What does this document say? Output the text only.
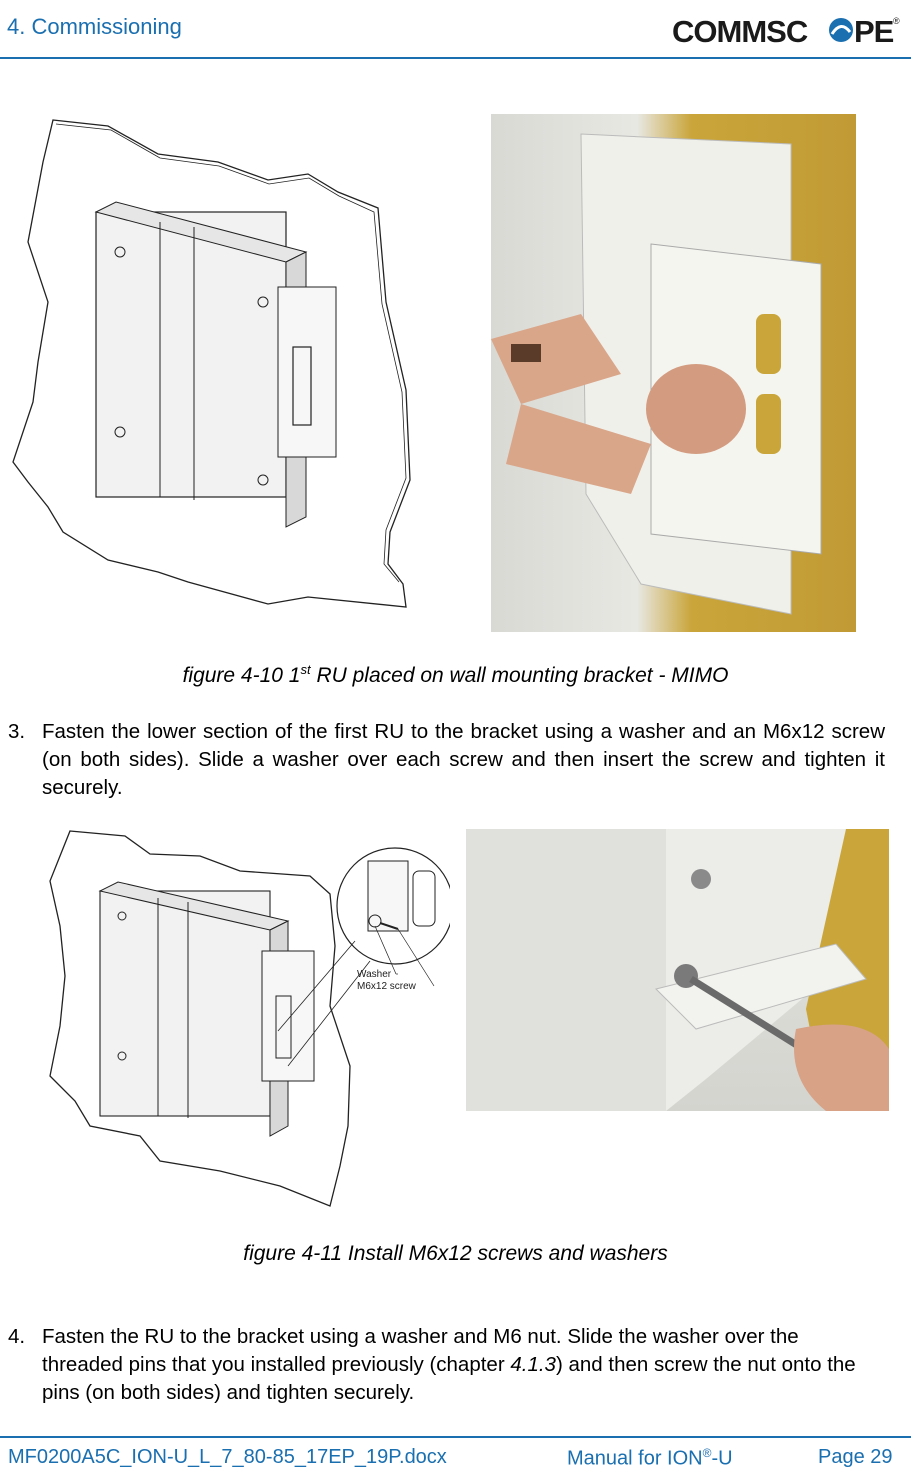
4. Commissioning	COMMSC PE ®
figure 4-10 1st RU placed on wall mounting bracket - MIMO
3. Fasten the lower section of the first RU to the bracket using a washer and an M6x12 screw (on both sides). Slide a washer over each screw and then insert the screw and tighten it securely.
Washer
M6x12 screw
figure 4-11 Install M6x12 screws and washers
4. Fasten the RU to the bracket using a washer and M6 nut. Slide the washer over the threaded pins that you installed previously (chapter 4.1.3) and then screw the nut onto the pins (on both sides) and tighten securely.
MF0200A5C_ION-U_L_7_80-85_17EP_19P.docx	Manual for ION®-U	Page 29
